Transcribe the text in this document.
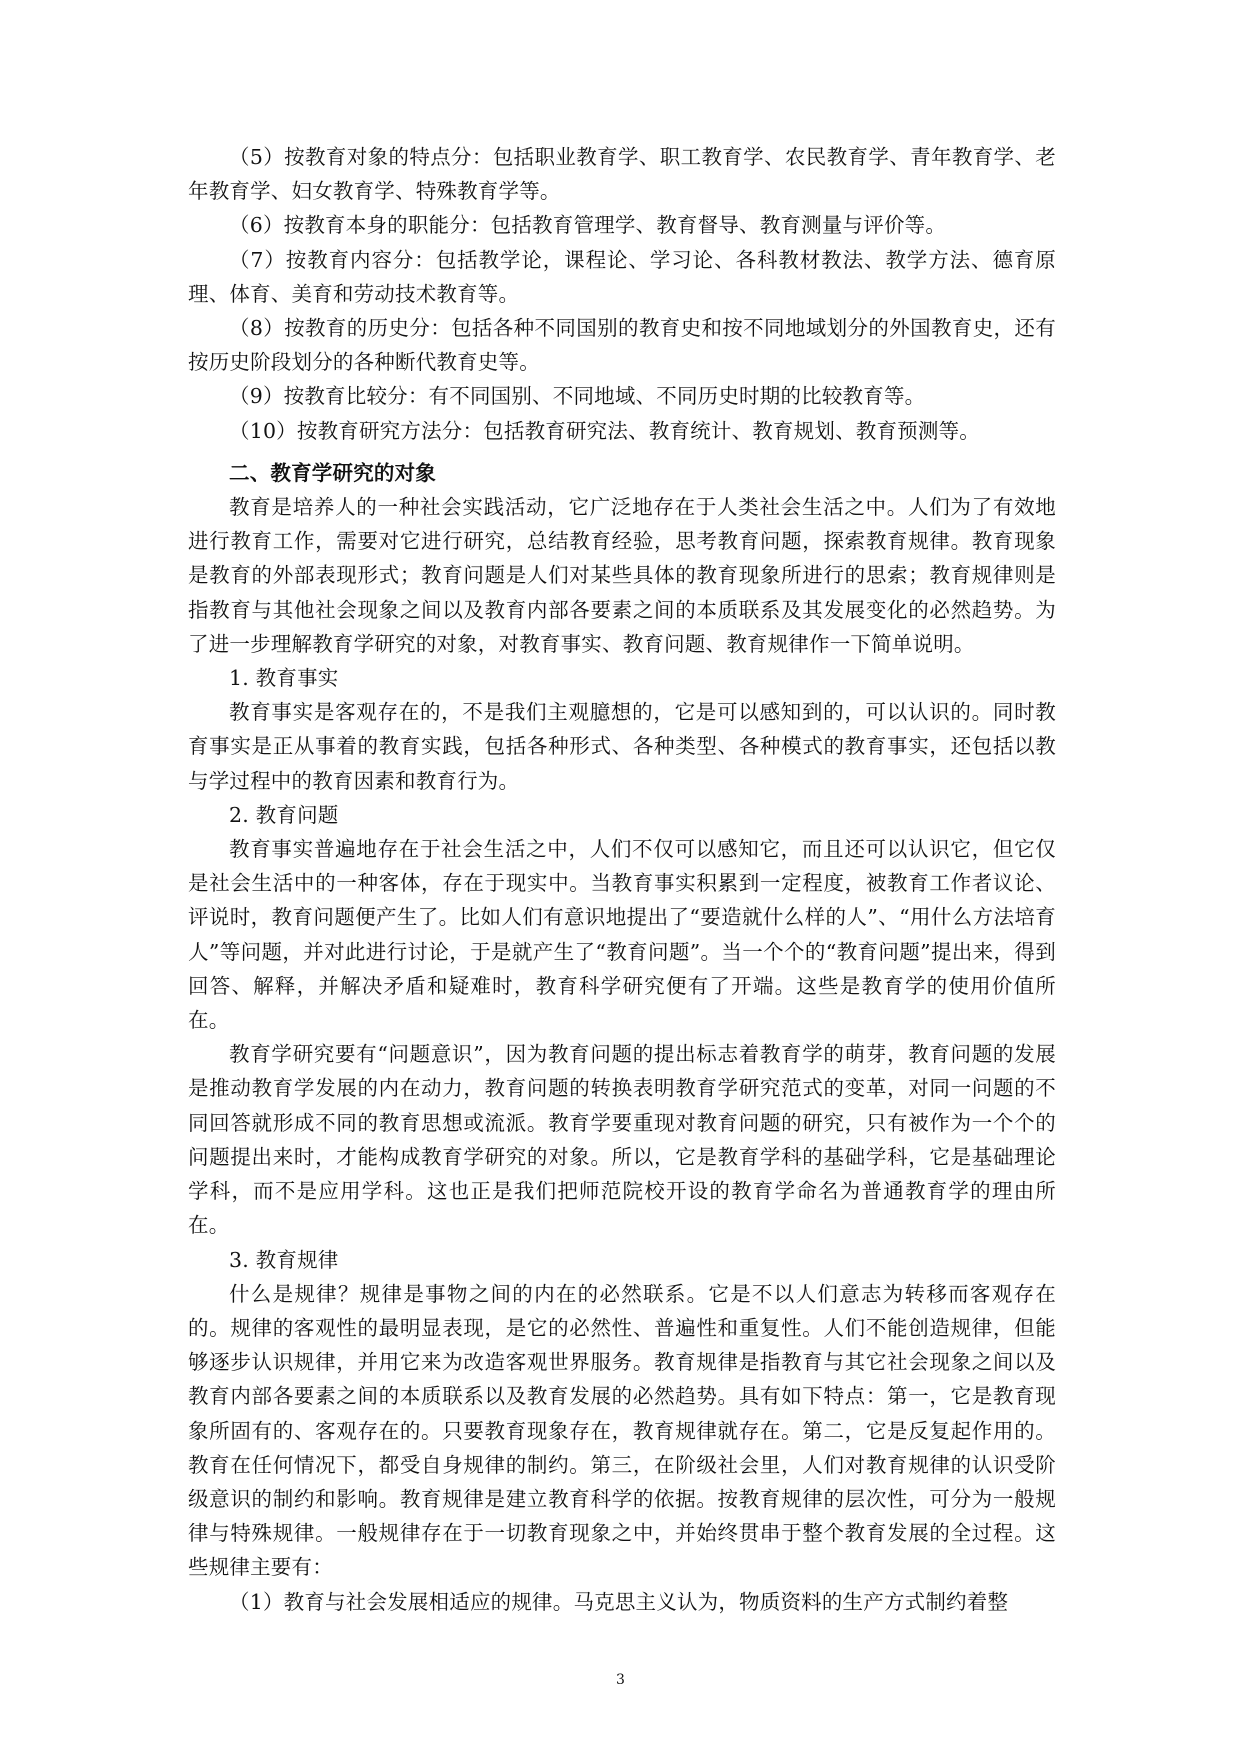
（5）按教育对象的特点分：包括职业教育学、职工教育学、农民教育学、青年教育学、老年教育学、妇女教育学、特殊教育学等。

（6）按教育本身的职能分：包括教育管理学、教育督导、教育测量与评价等。

（7）按教育内容分：包括教学论，课程论、学习论、各科教材教法、教学方法、德育原理、体育、美育和劳动技术教育等。

（8）按教育的历史分：包括各种不同国别的教育史和按不同地域划分的外国教育史，还有按历史阶段划分的各种断代教育史等。

（9）按教育比较分：有不同国别、不同地域、不同历史时期的比较教育等。

（10）按教育研究方法分：包括教育研究法、教育统计、教育规划、教育预测等。

二、教育学研究的对象

教育是培养人的一种社会实践活动，它广泛地存在于人类社会生活之中。人们为了有效地进行教育工作，需要对它进行研究，总结教育经验，思考教育问题，探索教育规律。教育现象是教育的外部表现形式；教育问题是人们对某些具体的教育现象所进行的思索；教育规律则是指教育与其他社会现象之间以及教育内部各要素之间的本质联系及其发展变化的必然趋势。为了进一步理解教育学研究的对象，对教育事实、教育问题、教育规律作一下简单说明。

1. 教育事实

教育事实是客观存在的，不是我们主观臆想的，它是可以感知到的，可以认识的。同时教育事实是正从事着的教育实践，包括各种形式、各种类型、各种模式的教育事实，还包括以教与学过程中的教育因素和教育行为。

2. 教育问题

教育事实普遍地存在于社会生活之中，人们不仅可以感知它，而且还可以认识它，但它仅是社会生活中的一种客体，存在于现实中。当教育事实积累到一定程度，被教育工作者议论、评说时，教育问题便产生了。比如人们有意识地提出了“要造就什么样的人”、“用什么方法培育人”等问题，并对此进行讨论，于是就产生了“教育问题”。当一个个的“教育问题”提出来，得到回答、解释，并解决矛盾和疑难时，教育科学研究便有了开端。这些是教育学的使用价值所在。

教育学研究要有“问题意识”，因为教育问题的提出标志着教育学的萌芽，教育问题的发展是推动教育学发展的内在动力，教育问题的转换表明教育学研究范式的变革，对同一问题的不同回答就形成不同的教育思想或流派。教育学要重现对教育问题的研究，只有被作为一个个的问题提出来时，才能构成教育学研究的对象。所以，它是教育学科的基础学科，它是基础理论学科，而不是应用学科。这也正是我们把师范院校开设的教育学命名为普通教育学的理由所在。

3. 教育规律

什么是规律？规律是事物之间的内在的必然联系。它是不以人们意志为转移而客观存在的。规律的客观性的最明显表现，是它的必然性、普遍性和重复性。人们不能创造规律，但能够逐步认识规律，并用它来为改造客观世界服务。教育规律是指教育与其它社会现象之间以及教育内部各要素之间的本质联系以及教育发展的必然趋势。具有如下特点：第一，它是教育现象所固有的、客观存在的。只要教育现象存在，教育规律就存在。第二，它是反复起作用的。教育在任何情况下，都受自身规律的制约。第三，在阶级社会里，人们对教育规律的认识受阶级意识的制约和影响。教育规律是建立教育科学的依据。按教育规律的层次性，可分为一般规律与特殊规律。一般规律存在于一切教育现象之中，并始终贯串于整个教育发展的全过程。这些规律主要有：

（1）教育与社会发展相适应的规律。马克思主义认为，物质资料的生产方式制约着整

3
